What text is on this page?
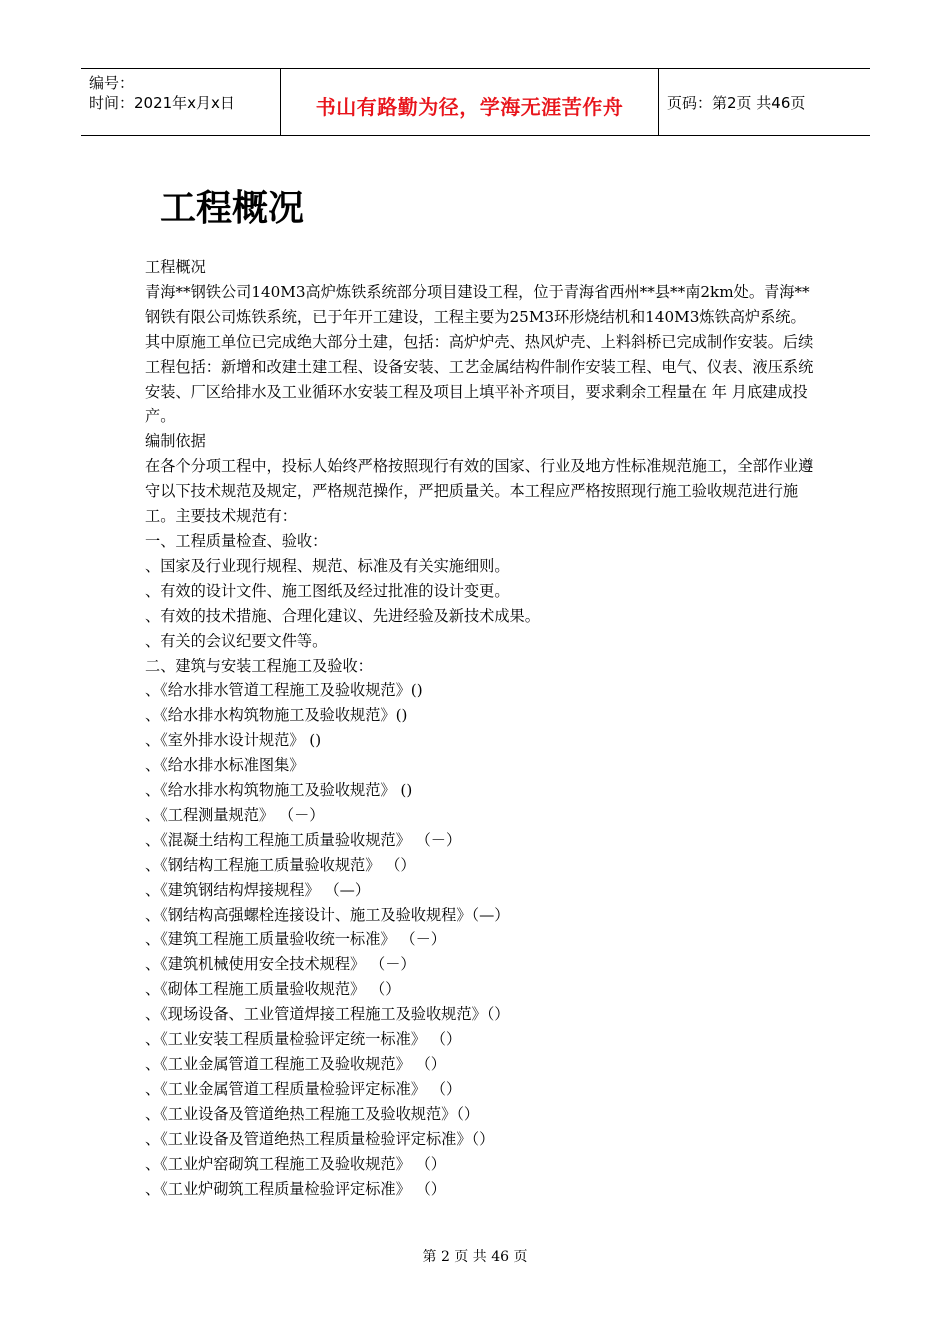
编号：
时间：2021年x月x日	书山有路勤为径，学海无涯苦作舟	页码：第2页 共46页
工程概况

工程概况

青海**钢铁公司140M3高炉炼铁系统部分项目建设工程，位于青海省西州**县**南2km处。青海**钢铁有限公司炼铁系统，已于年开工建设，工程主要为25M3环形烧结机和140M3炼铁高炉系统。

其中原施工单位已完成绝大部分土建，包括：高炉炉壳、热风炉壳、上料斜桥已完成制作安装。后续工程包括：新增和改建土建工程、设备安装、工艺金属结构件制作安装工程、电气、仪表、液压系统安装、厂区给排水及工业循环水安装工程及项目上填平补齐项目，要求剩余工程量在 年 月底建成投产。

编制依据

在各个分项工程中，投标人始终严格按照现行有效的国家、行业及地方性标准规范施工，全部作业遵守以下技术规范及规定，严格规范操作，严把质量关。本工程应严格按照现行施工验收规范进行施工。主要技术规范有：

一、工程质量检查、验收：

、国家及行业现行规程、规范、标准及有关实施细则。

、有效的设计文件、施工图纸及经过批准的设计变更。

、有效的技术措施、合理化建议、先进经验及新技术成果。

、有关的会议纪要文件等。

二、建筑与安装工程施工及验收：

、《给水排水管道工程施工及验收规范》()

、《给水排水构筑物施工及验收规范》()

、《室外排水设计规范》 ()

、《给水排水标准图集》

、《给水排水构筑物施工及验收规范》 ()

、《工程测量规范》 （－）

、《混凝土结构工程施工质量验收规范》 （－）

、《钢结构工程施工质量验收规范》 （）

、《建筑钢结构焊接规程》 （—）

、《钢结构高强螺栓连接设计、施工及验收规程》（—）

、《建筑工程施工质量验收统一标准》 （－）

、《建筑机械使用安全技术规程》 （－）

、《砌体工程施工质量验收规范》 （）

、《现场设备、工业管道焊接工程施工及验收规范》（）

、《工业安装工程质量检验评定统一标准》 （）

、《工业金属管道工程施工及验收规范》 （）

、《工业金属管道工程质量检验评定标准》 （）

、《工业设备及管道绝热工程施工及验收规范》（）

、《工业设备及管道绝热工程质量检验评定标准》（）

、《工业炉窑砌筑工程施工及验收规范》 （）

、《工业炉砌筑工程质量检验评定标准》 （）

第 2 页 共 46 页
